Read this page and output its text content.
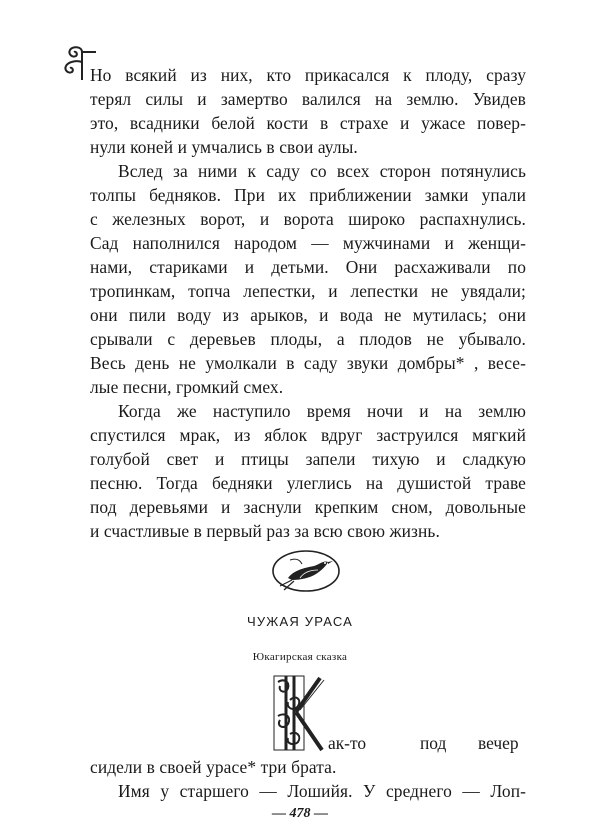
Но всякий из них, кто прикасался к плоду, сразу
терял силы и замертво валился на землю. Увидев
это, всадники белой кости в страхе и ужасе повер-
нули коней и умчались в свои аулы.
Вслед за ними к саду со всех сторон потянулись
толпы бедняков. При их приближении замки упали
с железных ворот, и ворота широко распахнулись.
Сад наполнился народом — мужчинами и женщи-
нами, стариками и детьми. Они расхаживали по
тропинкам, топча лепестки, и лепестки не увядали;
они пили воду из арыков, и вода не мутилась; они
срывали с деревьев плоды, а плодов не убывало.
Весь день не умолкали в саду звуки домбры* , весе-
лые песни, громкий смех.
Когда же наступило время ночи и на землю
спустился мрак, из яблок вдруг заструился мягкий
голубой свет и птицы запели тихую и сладкую
песню. Тогда бедняки улеглись на душистой траве
под деревьями и заснули крепким сном, довольные
и счастливые в первый раз за всю свою жизнь.
ЧУЖАЯ УРАСА
Юкагирская сказка
ак-то	под вечер
сидели в своей урасе* три брата.
Имя у старшего — Лошийя. У среднего — Лоп-
— 478 —
